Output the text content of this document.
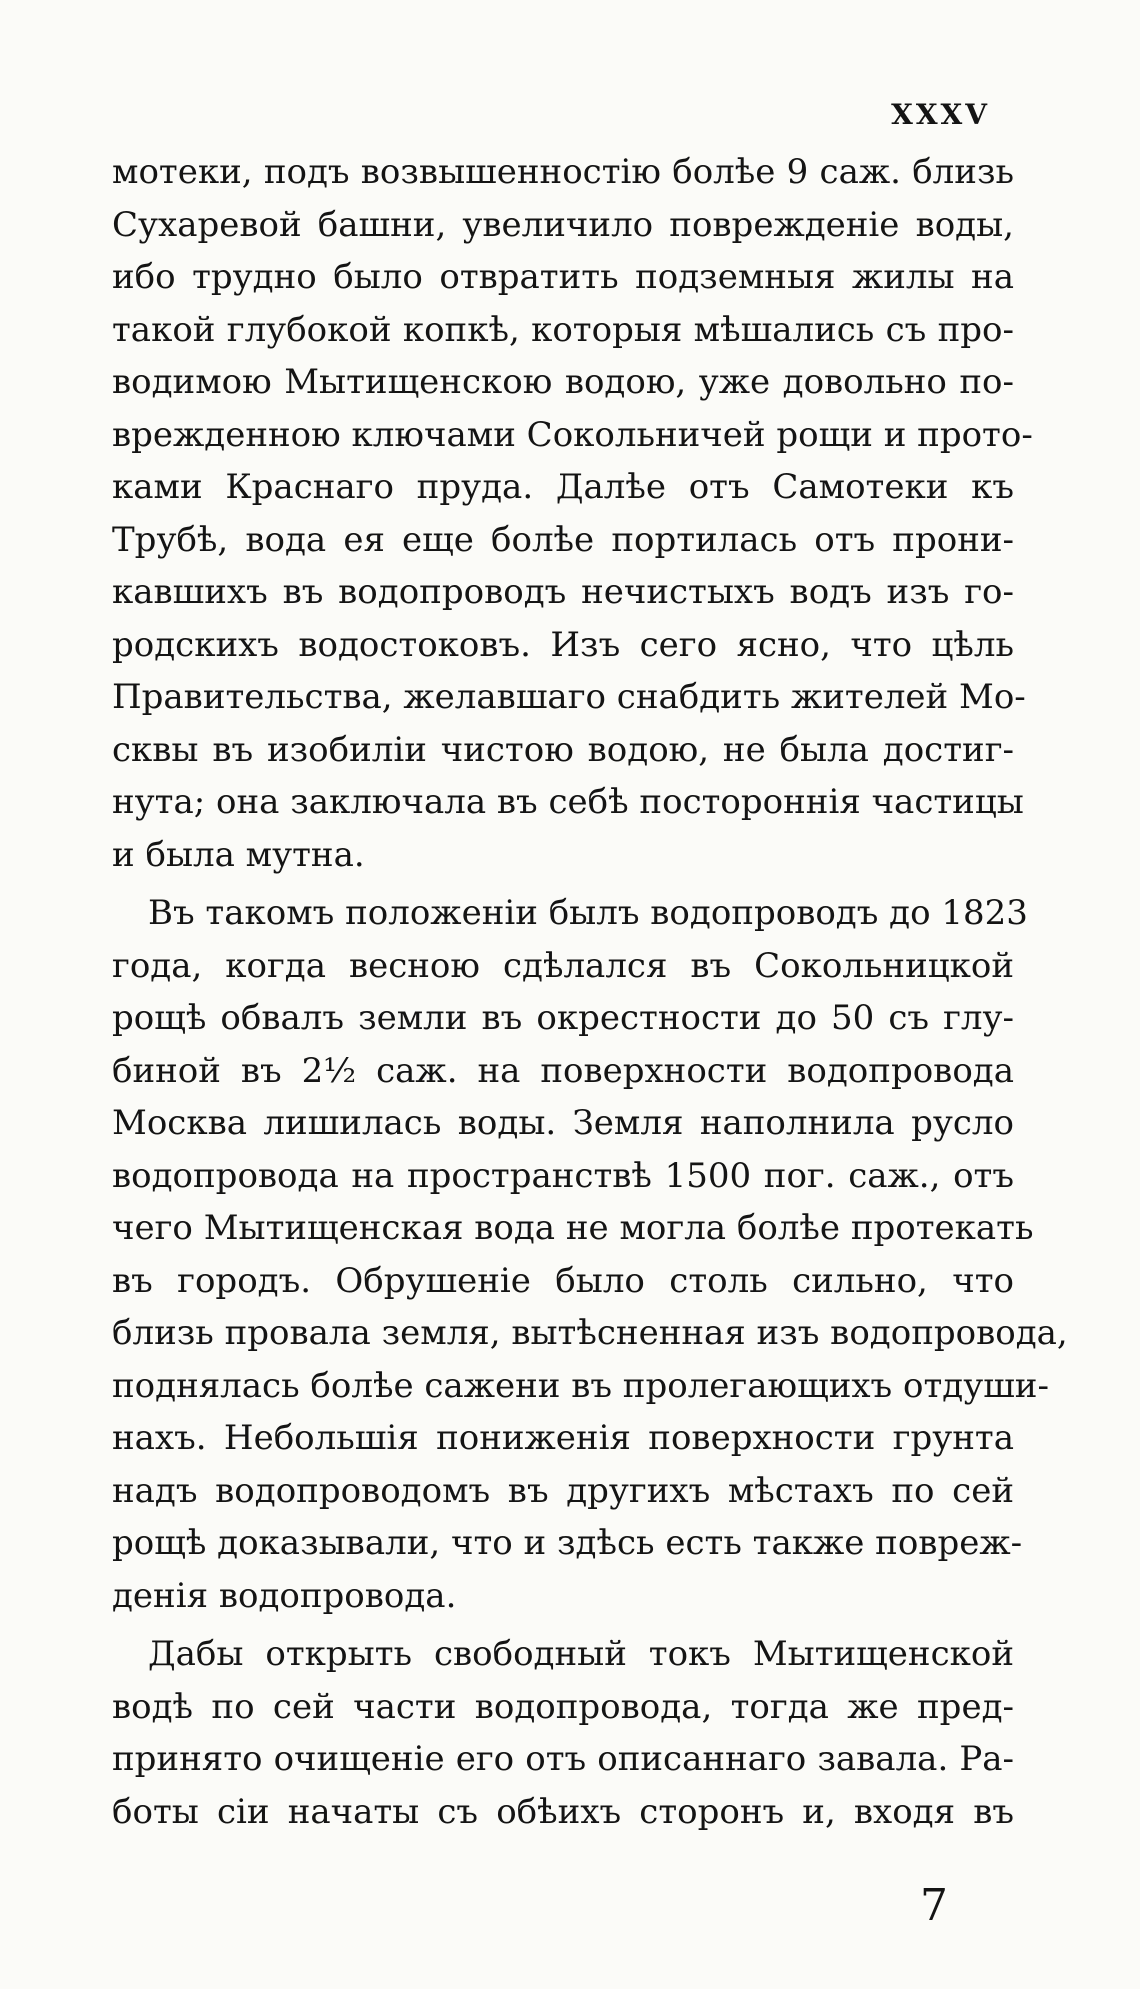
XXXV
мотеки, подъ возвышенностію болѣе 9 саж. близь
Сухаревой башни, увеличило поврежденіе воды,
ибо трудно было отвратить подземныя жилы на
такой глубокой копкѣ, которыя мѣшались съ про-
водимою Мытищенскою водою, уже довольно по-
врежденною ключами Сокольничей рощи и прото-
ками Краснаго пруда. Далѣе отъ Самотеки къ
Трубѣ, вода ея еще болѣе портилась отъ прони-
кавшихъ въ водопроводъ нечистыхъ водъ изъ го-
родскихъ водостоковъ. Изъ сего ясно, что цѣль
Правительства, желавшаго снабдить жителей Мо-
сквы въ изобиліи чистою водою, не была достиг-
нута; она заключала въ себѣ постороннія частицы
и была мутна.
Въ такомъ положеніи былъ водопроводъ до 1823
года, когда весною сдѣлался въ Сокольницкой
рощѣ обвалъ земли въ окрестности до 50 съ глу-
биной въ 2½ саж. на поверхности водопровода
Москва лишилась воды. Земля наполнила русло
водопровода на пространствѣ 1500 пог. саж., отъ
чего Мытищенская вода не могла болѣе протекать
въ городъ. Обрушеніе было столь сильно, что
близь провала земля, вытѣсненная изъ водопровода,
поднялась болѣе сажени въ пролегающихъ отдуши-
нахъ. Небольшія пониженія поверхности грунта
надъ водопроводомъ въ другихъ мѣстахъ по сей
рощѣ доказывали, что и здѣсь есть также повреж-
денія водопровода.
Дабы открыть свободный токъ Мытищенской
водѣ по сей части водопровода, тогда же пред-
принято очищеніе его отъ описаннаго завала. Ра-
боты сіи начаты съ обѣихъ сторонъ и, входя въ
7
